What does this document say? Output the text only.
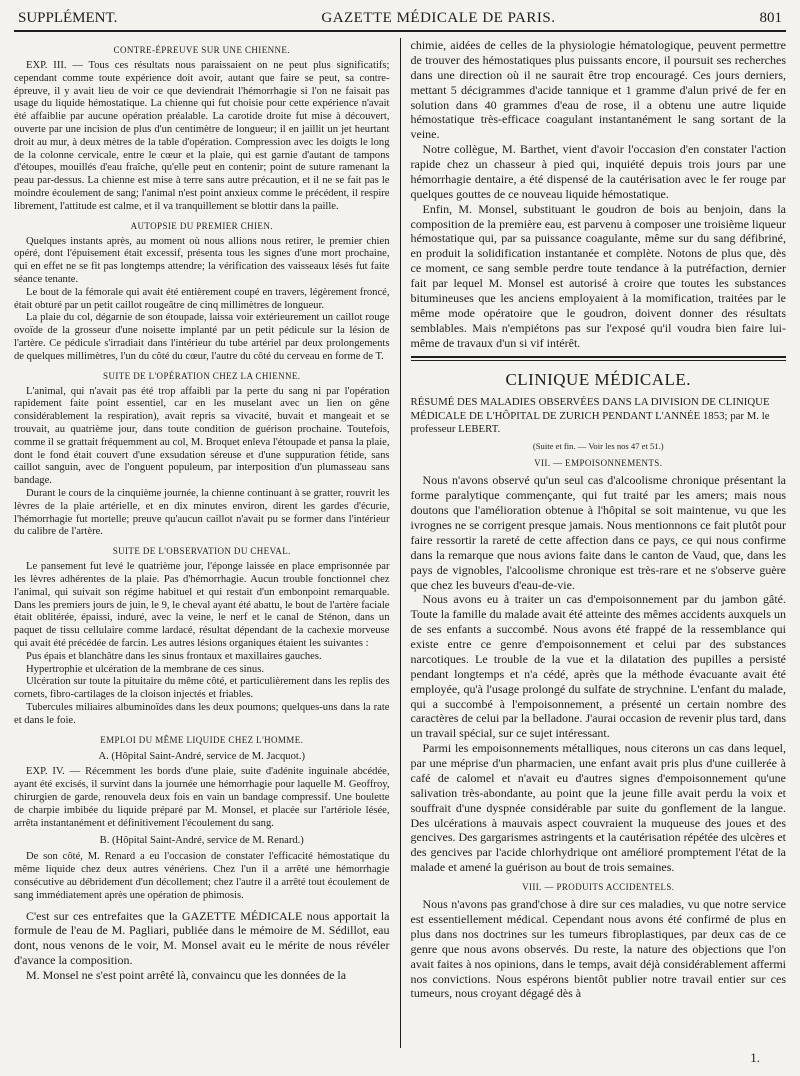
SUPPLÉMENT.	GAZETTE MÉDICALE DE PARIS.	801
CONTRE-ÉPREUVE SUR UNE CHIENNE.

EXP. III. — Tous ces résultats nous paraissaient on ne peut plus significatifs; cependant comme toute expérience doit avoir, autant que faire se peut, sa contre-épreuve, il y avait lieu de voir ce que deviendrait l'hémorrhagie si l'on ne faisait pas usage du liquide hémostatique. La chienne qui fut choisie pour cette expérience n'avait été affaiblie par aucune opération préalable. La carotide droite fut mise à découvert, ouverte par une incision de plus d'un centimètre de longueur; il en jaillit un jet heurtant droit au mur, à deux mètres de la table d'opération. Compression avec les doigts le long de la colonne cervicale, entre le cœur et la plaie, qui est garnie d'autant de tampons d'étoupes, mouillés d'eau fraîche, qu'elle peut en contenir; point de suture ramenant la peau par-dessus. La chienne est mise à terre sans autre précaution, et il ne se fait pas le moindre écoulement de sang; l'animal n'est point anxieux comme le précédent, il respire librement, l'attitude est calme, et il va tranquillement se blottir dans la paille.

AUTOPSIE DU PREMIER CHIEN.

Quelques instants après, au moment où nous allions nous retirer, le premier chien opéré, dont l'épuisement était excessif, présenta tous les signes d'une mort prochaine, qui en effet ne se fit pas longtemps attendre; la vérification des vaisseaux lésés fut faite séance tenante.

Le bout de la fémorale qui avait été entièrement coupé en travers, légèrement froncé, était obturé par un petit caillot rougeâtre de cinq millimètres de longueur.

La plaie du col, dégarnie de son étoupade, laissa voir extérieurement un caillot rouge ovoïde de la grosseur d'une noisette implanté par un petit pédicule sur la lésion de l'artère. Ce pédicule s'irradiait dans l'intérieur du tube artériel par deux prolongements de quelques millimètres, l'un du côté du cœur, l'autre du côté du cerveau en forme de T.

SUITE DE L'OPÉRATION CHEZ LA CHIENNE.

L'animal, qui n'avait pas été trop affaibli par la perte du sang ni par l'opération rapidement faite point essentiel, car en les muselant avec un lien on gêne considérablement la respiration), avait repris sa vivacité, buvait et mangeait et se trouvait, au quatrième jour, dans toute condition de guérison prochaine. Toutefois, comme il se grattait fréquemment au col, M. Broquet enleva l'étoupade et pansa la plaie, dont le fond était couvert d'une exsudation séreuse et d'une suppuration fétide, sans caillot sanguin, avec de l'onguent populeum, par interposition d'un plumasseau sans bandage.

Durant le cours de la cinquième journée, la chienne continuant à se gratter, rouvrit les lèvres de la plaie artérielle, et en dix minutes environ, dirent les gardes d'écurie, l'hémorrhagie fut mortelle; preuve qu'aucun caillot n'avait pu se former dans l'intérieur du calibre de l'artère.

SUITE DE L'OBSERVATION DU CHEVAL.

Le pansement fut levé le quatrième jour, l'éponge laissée en place emprisonnée par les lèvres adhérentes de la plaie. Pas d'hémorrhagie. Aucun trouble fonctionnel chez l'animal, qui suivait son régime habituel et qui restait d'un embonpoint remarquable. Dans les premiers jours de juin, le 9, le cheval ayant été abattu, le bout de l'artère faciale était oblitérée, épaissi, induré, avec la veine, le nerf et le canal de Sténon, dans un paquet de tissu cellulaire comme lardacé, résultat dépendant de la cachexie morveuse qui avait été précédée de farcin. Les autres lésions organiques étaient les suivantes :

Pus épais et blanchâtre dans les sinus frontaux et maxillaires gauches.

Hypertrophie et ulcération de la membrane de ces sinus.

Ulcération sur toute la pituitaire du même côté, et particulièrement dans les replis des cornets, fibro-cartilages de la cloison injectés et friables.

Tubercules miliaires albuminoïdes dans les deux poumons; quelques-uns dans la rate et dans le foie.

EMPLOI DU MÊME LIQUIDE CHEZ L'HOMME.
A. (Hôpital Saint-André, service de M. Jacquot.)

EXP. IV. — Récemment les bords d'une plaie, suite d'adénite inguinale abcédée, ayant été excisés, il survint dans la journée une hémorrhagie pour laquelle M. Geoffroy, chirurgien de garde, renouvela deux fois en vain un bandage compressif. Une boulette de charpie imbibée du liquide préparé par M. Monsel, et placée sur l'artériole lésée, arrêta instantanément et définitivement l'écoulement du sang.

B. (Hôpital Saint-André, service de M. Renard.)

De son côté, M. Renard a eu l'occasion de constater l'efficacité hémostatique du même liquide chez deux autres vénériens. Chez l'un il a arrêté une hémorrhagie consécutive au débridement d'un décollement; chez l'autre il a arrêté tout écoulement de sang immédiatement après une opération de phimosis.

C'est sur ces entrefaites que la GAZETTE MÉDICALE nous apportait la formule de l'eau de M. Pagliari, publiée dans le mémoire de M. Sédillot, eau dont, nous venons de le voir, M. Monsel avait eu le mérite de nous révéler d'avance la composition.

M. Monsel ne s'est point arrêté là, convaincu que les données de la

chimie, aidées de celles de la physiologie hématologique, peuvent permettre de trouver des hémostatiques plus puissants encore, il poursuit ses recherches dans une direction où il ne saurait être trop encouragé. Ces jours derniers, mettant 5 décigrammes d'acide tannique et 1 gramme d'alun privé de fer en solution dans 40 grammes d'eau de rose, il a obtenu une autre liquide hémostatique très-efficace coagulant instantanément le sang sortant de la veine.

Notre collègue, M. Barthet, vient d'avoir l'occasion d'en constater l'action rapide chez un chasseur à pied qui, inquiété depuis trois jours par une hémorrhagie dentaire, a été dispensé de la cautérisation avec le fer rouge par quelques gouttes de ce nouveau liquide hémostatique.

Enfin, M. Monsel, substituant le goudron de bois au benjoin, dans la composition de la première eau, est parvenu à composer une troisième liqueur hémostatique qui, par sa puissance coagulante, même sur du sang défibriné, en produit la solidification instantanée et complète. Notons de plus que, dès ce moment, ce sang semble perdre toute tendance à la putréfaction, dernier fait par lequel M. Monsel est autorisé à croire que toutes les substances bitumineuses que les anciens employaient à la momification, traitées par le même mode opératoire que le goudron, doivent donner des résultats semblables. Mais n'empiétons pas sur l'exposé qu'il voudra bien faire lui-même de travaux d'un si vif intérêt.

CLINIQUE MÉDICALE.

RÉSUMÉ DES MALADIES OBSERVÉES DANS LA DIVISION DE CLINIQUE MÉDICALE DE L'HÔPITAL DE ZURICH PENDANT L'ANNÉE 1853; par M. le professeur LEBERT.

(Suite et fin. — Voir les nos 47 et 51.)
VII. — EMPOISONNEMENTS.

Nous n'avons observé qu'un seul cas d'alcoolisme chronique présentant la forme paralytique commençante, qui fut traité par les amers; mais nous doutons que l'amélioration obtenue à l'hôpital se soit maintenue, vu que les ivrognes ne se corrigent presque jamais. Nous mentionnons ce fait plutôt pour faire ressortir la rareté de cette affection dans ce pays, ce qui nous confirme dans la remarque que nous avions faite dans le canton de Vaud, que, dans les pays de vignobles, l'alcoolisme chronique est très-rare et ne s'observe guère que chez les buveurs d'eau-de-vie.

Nous avons eu à traiter un cas d'empoisonnement par du jambon gâté. Toute la famille du malade avait été atteinte des mêmes accidents auxquels un de ses enfants a succombé. Nous avons été frappé de la ressemblance qui existe entre ce genre d'empoisonnement et celui par des substances narcotiques. Le trouble de la vue et la dilatation des pupilles a persisté pendant longtemps et n'a cédé, après que la méthode évacuante avait été employée, qu'à l'usage prolongé du sulfate de strychnine. L'enfant du malade, qui a succombé à l'empoisonnement, a présenté un certain nombre des caractères de celui par la belladone. J'aurai occasion de revenir plus tard, dans un travail spécial, sur ce sujet intéressant.

Parmi les empoisonnements métalliques, nous citerons un cas dans lequel, par une méprise d'un pharmacien, une enfant avait pris plus d'une cuillerée à café de calomel et n'avait eu d'autres signes d'empoisonnement qu'une salivation très-abondante, au point que la jeune fille avait perdu la voix et souffrait d'une dyspnée considérable par suite du gonflement de la langue. Des ulcérations à mauvais aspect couvraient la muqueuse des joues et des gencives. Des gargarismes astringents et la cautérisation répétée des ulcères et des gencives par l'acide chlorhydrique ont amélioré promptement l'état de la malade et amené la guérison au bout de trois semaines.

VIII. — PRODUITS ACCIDENTELS.

Nous n'avons pas grand'chose à dire sur ces maladies, vu que notre service est essentiellement médical. Cependant nous avons été confirmé de plus en plus dans nos doctrines sur les tumeurs fibroplastiques, par deux cas de ce genre que nous avons observés. Du reste, la nature des objections que l'on avait faites à nos opinions, dans le temps, avait déjà considérablement affermi nos convictions. Nous espérons bientôt publier notre travail entier sur ces tumeurs, nous croyant dégagé dès à

1.
